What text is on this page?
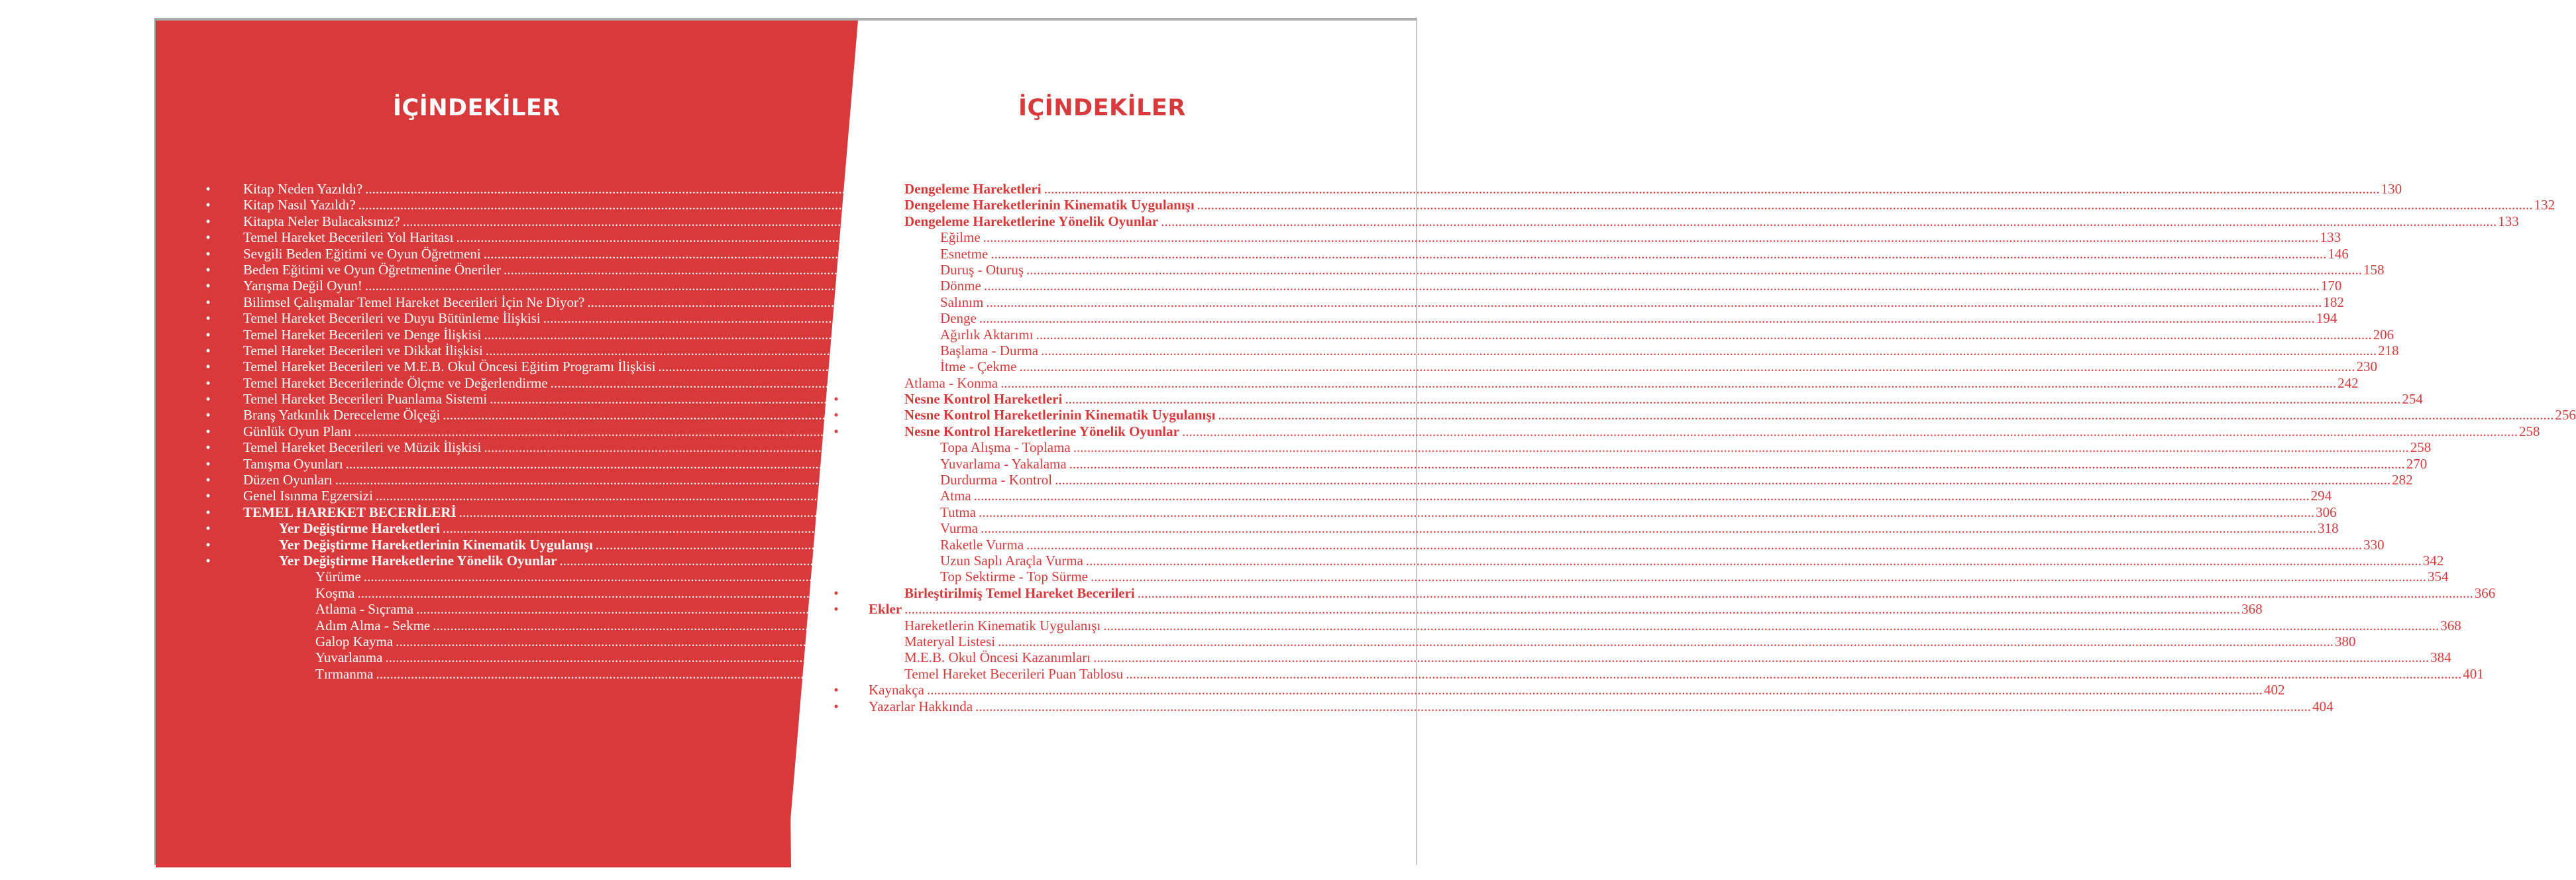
İÇİNDEKİLER	İÇİNDEKİLER
• Kitap Neden Yazıldı? .....	08
• Kitap Nasıl Yazıldı? .....	09
• Kitapta Neler Bulacaksınız? .....	10
• Temel Hareket Becerileri Yol Haritası .....	11
• Sevgili Beden Eğitimi ve Oyun Öğretmeni .....	12
• Beden Eğitimi ve Oyun Öğretmenine Öneriler .....	13
• Yarışma Değil Oyun! .....	14
• Bilimsel Çalışmalar Temel Hareket Becerileri İçin Ne Diyor? .....	16
• Temel Hareket Becerileri ve Duyu Bütünleme İlişkisi .....	20
• Temel Hareket Becerileri ve Denge İlişkisi .....	24
• Temel Hareket Becerileri ve Dikkat İlişkisi .....	25
• Temel Hareket Becerileri ve M.E.B. Okul Öncesi Eğitim Programı İlişkisi .....	26
• Temel Hareket Becerilerinde Ölçme ve Değerlendirme .....	28
• Temel Hareket Becerileri Puanlama Sistemi .....	30
• Branş Yatkınlık Dereceleme Ölçeği .....	32
• Günlük Oyun Planı .....	34
• Temel Hareket Becerileri ve Müzik İlişkisi .....	36
• Tanışma Oyunları .....	38
• Düzen Oyunları .....	39
• Genel Isınma Egzersizi .....	40
• TEMEL HAREKET BECERİLERİ .....	42
•	Yer Değiştirme Hareketleri .....	42
•	Yer Değiştirme Hareketlerinin Kinematik Uygulanışı .....	44
•	Yer Değiştirme Hareketlerine Yönelik Oyunlar .....	46
Yürüme .....	46
Koşma .....	58
Atlama - Sıçrama .....	68
Adım Alma - Sekme .....	82
Galop Kayma .....	94
Yuvarlanma .....	106
Tırmanma .....	118
•	Dengeleme Hareketleri .....	130
•	Dengeleme Hareketlerinin Kinematik Uygulanışı .....	132
•	Dengeleme Hareketlerine Yönelik Oyunlar .....	133
Eğilme .....	133
Esnetme .....	146
Duruş - Oturuş .....	158
Dönme .....	170
Salınım .....	182
Denge .....	194
Ağırlık Aktarımı .....	206
Başlama - Durma .....	218
İtme - Çekme .....	230
Atlama - Konma .....	242
•	Nesne Kontrol Hareketleri .....	254
•	Nesne Kontrol Hareketlerinin Kinematik Uygulanışı .....	256
•	Nesne Kontrol Hareketlerine Yönelik Oyunlar .....	258
Topa Alışma - Toplama .....	258
Yuvarlama - Yakalama .....	270
Durdurma - Kontrol .....	282
Atma .....	294
Tutma .....	306
Vurma .....	318
Raketle Vurma .....	330
Uzun Saplı Araçla Vurma .....	342
Top Sektirme - Top Sürme .....	354
•	Birleştirilmiş Temel Hareket Becerileri .....	366
• Ekler .....	368
Hareketlerin Kinematik Uygulanışı .....	368
Materyal Listesi .....	380
M.E.B. Okul Öncesi Kazanımları .....	384
Temel Hareket Becerileri Puan Tablosu .....	401
• Kaynakça .....	402
• Yazarlar Hakkında .....	404
